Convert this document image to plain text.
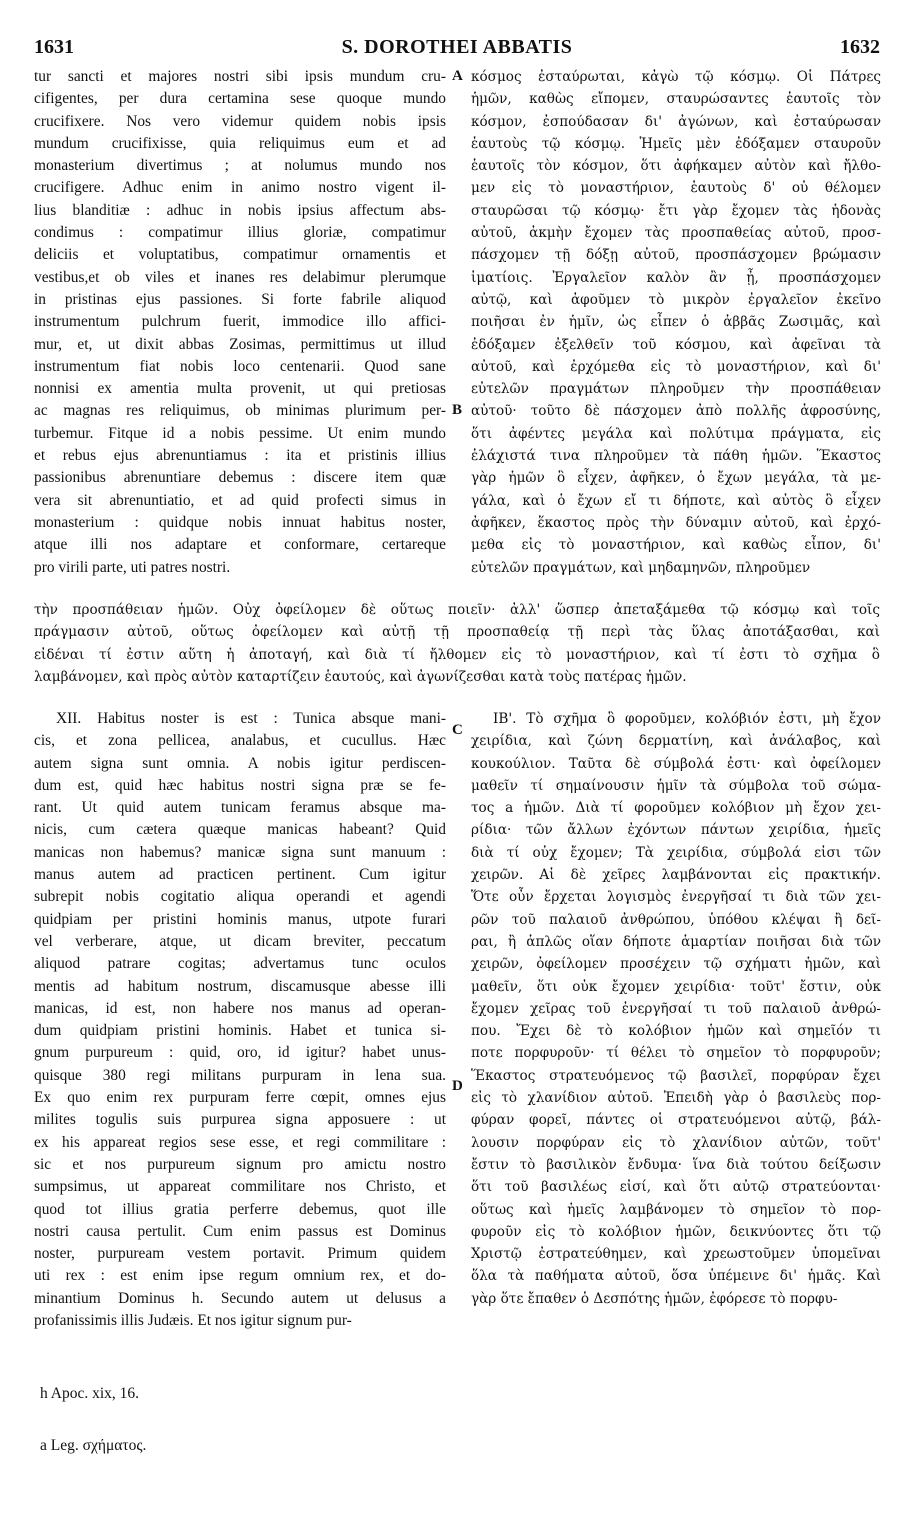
1631	S. DOROTHEI ABBATIS	1632
tur sancti et majores nostri sibi ipsis mundum cru-
cifigentes, per dura certamina sese quoque mundo
crucifixere. Nos vero videmur quidem nobis ipsis
mundum crucifixisse, quia reliquimus eum et ad
monasterium divertimus ; at nolumus mundo nos
crucifigere. Adhuc enim in animo nostro vigent il-
lius blanditiæ : adhuc in nobis ipsius affectum abs-
condimus : compatimur illius gloriæ, compatimur
deliciis et voluptatibus, compatimur ornamentis et
vestibus,et ob viles et inanes res delabimur plerumque
in pristinas ejus passiones. Si forte fabrile aliquod
instrumentum pulchrum fuerit, immodice illo affici-
mur, et, ut dixit abbas Zosimas, permittimus ut illud
instrumentum fiat nobis loco centenarii. Quod sane
nonnisi ex amentia multa provenit, ut qui pretiosas
ac magnas res reliquimus, ob minimas plurimum per-
turbemur. Fitque id a nobis pessime. Ut enim mundo
et rebus ejus abrenuntiamus : ita et pristinis illius
passionibus abrenuntiare debemus : discere item quæ
vera sit abrenuntiatio, et ad quid profecti simus in
monasterium : quidque nobis innuat habitus noster,
atque illi nos adaptare et conformare, certareque
pro virili parte, uti patres nostri.
κόσμος ἐσταύρωται, κἀγὼ τῷ κόσμῳ. Οἱ Πάτρες
ἡμῶν, καθὼς εἴπομεν, σταυρώσαντες ἑαυτοῖς τὸν
κόσμον, ἐσπούδασαν δι' ἀγώνων, καὶ ἐσταύρωσαν
ἑαυτοὺς τῷ κόσμῳ. Ἡμεῖς μὲν ἐδόξαμεν σταυροῦν
ἑαυτοῖς τὸν κόσμον, ὅτι ἀφήκαμεν αὐτὸν καὶ ἤλθο-
μεν εἰς τὸ μοναστήριον, ἑαυτοὺς δ' οὐ θέλομεν
σταυρῶσαι τῷ κόσμῳ· ἔτι γὰρ ἔχομεν τὰς ἡδονὰς
αὐτοῦ, ἀκμὴν ἔχομεν τὰς προσπαθείας αὐτοῦ, προσ-
πάσχομεν τῇ δόξῃ αὐτοῦ, προσπάσχομεν βρώμασιν
ἱματίοις. Ἐργαλεῖον καλὸν ἂν ᾖ, προσπάσχομεν
αὐτῷ, καὶ ἀφοῦμεν τὸ μικρὸν ἐργαλεῖον ἐκεῖνο
ποιῆσαι ἐν ἡμῖν, ὡς εἶπεν ὁ ἀββᾶς Ζωσιμᾶς, καὶ
ἐδόξαμεν ἐξελθεῖν τοῦ κόσμου, καὶ ἀφεῖναι τὰ
αὐτοῦ, καὶ ἐρχόμεθα εἰς τὸ μοναστήριον, καὶ δι'
εὐτελῶν πραγμάτων πληροῦμεν τὴν προσπάθειαν
αὐτοῦ· τοῦτο δὲ πάσχομεν ἀπὸ πολλῆς ἀφροσύνης,
ὅτι ἀφέντες μεγάλα καὶ πολύτιμα πράγματα, εἰς
ἐλάχιστά τινα πληροῦμεν τὰ πάθη ἡμῶν. Ἕκαστος
γὰρ ἡμῶν ὃ εἶχεν, ἀφῆκεν, ὁ ἔχων μεγάλα, τὰ με-
γάλα, καὶ ὁ ἔχων εἴ τι δήποτε, καὶ αὐτὸς ὃ εἶχεν
ἀφῆκεν, ἕκαστος πρὸς τὴν δύναμιν αὐτοῦ, καὶ ἐρχό-
μεθα εἰς τὸ μοναστήριον, καὶ καθὼς εἶπον, δι'
εὐτελῶν πραγμάτων, καὶ μηδαμηνῶν, πληροῦμεν
τὴν προσπάθειαν ἡμῶν. Οὐχ ὀφείλομεν δὲ οὕτως ποιεῖν· ἀλλ' ὥσπερ ἀπεταξάμεθα τῷ κόσμῳ καὶ τοῖς
πράγμασιν αὐτοῦ, οὕτως ὀφείλομεν καὶ αὐτῇ τῇ προσπαθείᾳ τῇ περὶ τὰς ὕλας ἀποτάξασθαι, καὶ
εἰδέναι τί ἐστιν αὕτη ἡ ἀποταγή, καὶ διὰ τί ἤλθομεν εἰς τὸ μοναστήριον, καὶ τί ἐστι τὸ σχῆμα ὃ
λαμβάνομεν, καὶ πρὸς αὐτὸν καταρτίζειν ἑαυτούς, καὶ ἀγωνίζεσθαι κατὰ τοὺς πατέρας ἡμῶν.
XII. Habitus noster is est : Tunica absque mani-
cis, et zona pellicea, analabus, et cucullus. Hæc
autem signa sunt omnia. A nobis igitur perdiscen-
dum est, quid hæc habitus nostri signa præ se fe-
rant. Ut quid autem tunicam feramus absque ma-
nicis, cum cætera quæque manicas habeant? Quid
manicas non habemus? manicæ signa sunt manuum :
manus autem ad practicen pertinent. Cum igitur
subrepit nobis cogitatio aliqua operandi et agendi
quidpiam per pristini hominis manus, utpote furari
vel verberare, atque, ut dicam breviter, peccatum
aliquod patrare cogitas; advertamus tunc oculos
mentis ad habitum nostrum, discamusque abesse illi
manicas, id est, non habere nos manus ad operan-
dum quidpiam pristini hominis. Habet et tunica si-
gnum purpureum : quid, oro, id igitur? habet unus-
quisque 380 regi militans purpuram in lena sua.
Ex quo enim rex purpuram ferre cœpit, omnes ejus
milites togulis suis purpurea signa apposuere : ut
ex his appareat regios sese esse, et regi commilitare :
sic et nos purpureum signum pro amictu nostro
sumpsimus, ut appareat commilitare nos Christo, et
quod tot illius gratia perferre debemus, quot ille
nostri causa pertulit. Cum enim passus est Dominus
noster, purpuream vestem portavit. Primum quidem
uti rex : est enim ipse regum omnium rex, et do-
minantium Dominus h. Secundo autem ut delusus a
profanissimis illis Judæis. Et nos igitur signum pur-
ΙΒ'. Τὸ σχῆμα ὃ φοροῦμεν, κολόβιόν ἐστι, μὴ ἔχον
χειρίδια, καὶ ζώνη δερματίνη, καὶ ἀνάλαβος, καὶ
κουκούλιον. Ταῦτα δὲ σύμβολά ἐστι· καὶ ὀφείλομεν
μαθεῖν τί σημαίνουσιν ἡμῖν τὰ σύμβολα τοῦ σώμα-
τος a ἡμῶν. Διὰ τί φοροῦμεν κολόβιον μὴ ἔχον χει-
ρίδια· τῶν ἄλλων ἐχόντων πάντων χειρίδια, ἡμεῖς
διὰ τί οὐχ ἔχομεν; Τὰ χειρίδια, σύμβολά εἰσι τῶν
χειρῶν. Αἱ δὲ χεῖρες λαμβάνονται εἰς πρακτικήν.
Ὅτε οὖν ἔρχεται λογισμὸς ἐνεργῆσαί τι διὰ τῶν χει-
ρῶν τοῦ παλαιοῦ ἀνθρώπου, ὑπόθου κλέψαι ἢ δεῖ-
ραι, ἢ ἁπλῶς οἵαν δήποτε ἁμαρτίαν ποιῆσαι διὰ τῶν
χειρῶν, ὀφείλομεν προσέχειν τῷ σχήματι ἡμῶν, καὶ
μαθεῖν, ὅτι οὐκ ἔχομεν χειρίδια· τοῦτ' ἔστιν, οὐκ
ἔχομεν χεῖρας τοῦ ἐνεργῆσαί τι τοῦ παλαιοῦ ἀνθρώ-
που. Ἔχει δὲ τὸ κολόβιον ἡμῶν καὶ σημεῖόν τι
ποτε πορφυροῦν· τί θέλει τὸ σημεῖον τὸ πορφυροῦν;
Ἕκαστος στρατευόμενος τῷ βασιλεῖ, πορφύραν ἔχει
εἰς τὸ χλανίδιον αὐτοῦ. Ἐπειδὴ γὰρ ὁ βασιλεὺς πορ-
φύραν φορεῖ, πάντες οἱ στρατευόμενοι αὐτῷ, βάλ-
λουσιν πορφύραν εἰς τὸ χλανίδιον αὐτῶν, τοῦτ'
ἔστιν τὸ βασιλικὸν ἔνδυμα· ἵνα διὰ τούτου δείξωσιν
ὅτι τοῦ βασιλέως εἰσί, καὶ ὅτι αὐτῷ στρατεύονται·
οὕτως καὶ ἡμεῖς λαμβάνομεν τὸ σημεῖον τὸ πορ-
φυροῦν εἰς τὸ κολόβιον ἡμῶν, δεικνύοντες ὅτι τῷ
Χριστῷ ἐστρατεύθημεν, καὶ χρεωστοῦμεν ὑπομεῖναι
ὅλα τὰ παθήματα αὐτοῦ, ὅσα ὑπέμεινε δι' ἡμᾶς. Καὶ
γὰρ ὅτε ἔπαθεν ὁ Δεσπότης ἡμῶν, ἐφόρεσε τὸ πορφυ-
A
B
C
D
h Apoc. xix, 16.
a Leg. σχήματος.
